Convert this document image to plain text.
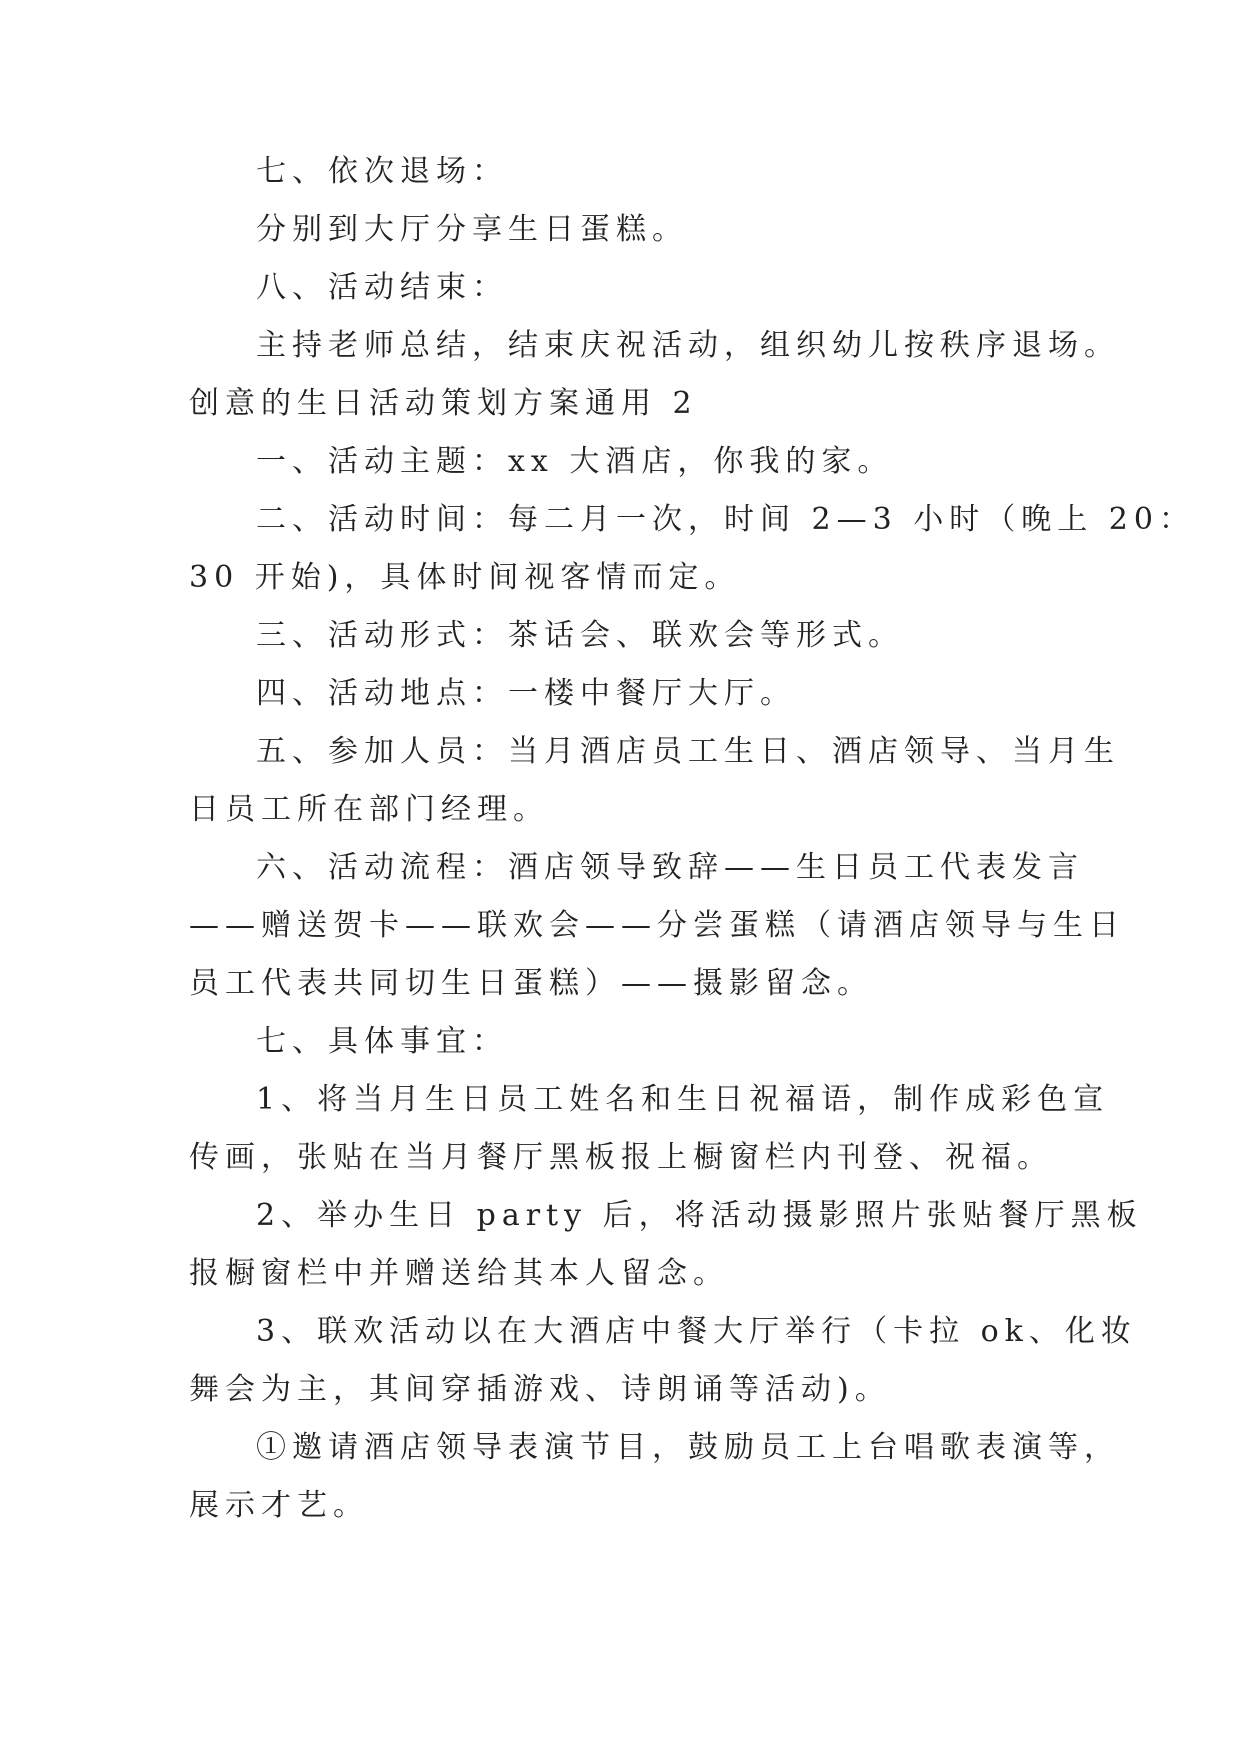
七、依次退场：
分别到大厅分享生日蛋糕。
八、活动结束：
主持老师总结，结束庆祝活动，组织幼儿按秩序退场。
创意的生日活动策划方案通用 2
一、活动主题：xx 大酒店，你我的家。
二、活动时间：每二月一次，时间 2—3 小时（晚上 20：
30 开始)，具体时间视客情而定。
三、活动形式：茶话会、联欢会等形式。
四、活动地点：一楼中餐厅大厅。
五、参加人员：当月酒店员工生日、酒店领导、当月生
日员工所在部门经理。
六、活动流程：酒店领导致辞——生日员工代表发言
——赠送贺卡——联欢会——分尝蛋糕（请酒店领导与生日
员工代表共同切生日蛋糕）——摄影留念。
七、具体事宜：
1、将当月生日员工姓名和生日祝福语，制作成彩色宣
传画，张贴在当月餐厅黑板报上橱窗栏内刊登、祝福。
2、举办生日 party 后，将活动摄影照片张贴餐厅黑板
报橱窗栏中并赠送给其本人留念。
3、联欢活动以在大酒店中餐大厅举行（卡拉 ok、化妆
舞会为主，其间穿插游戏、诗朗诵等活动)。
①邀请酒店领导表演节目，鼓励员工上台唱歌表演等，
展示才艺。
